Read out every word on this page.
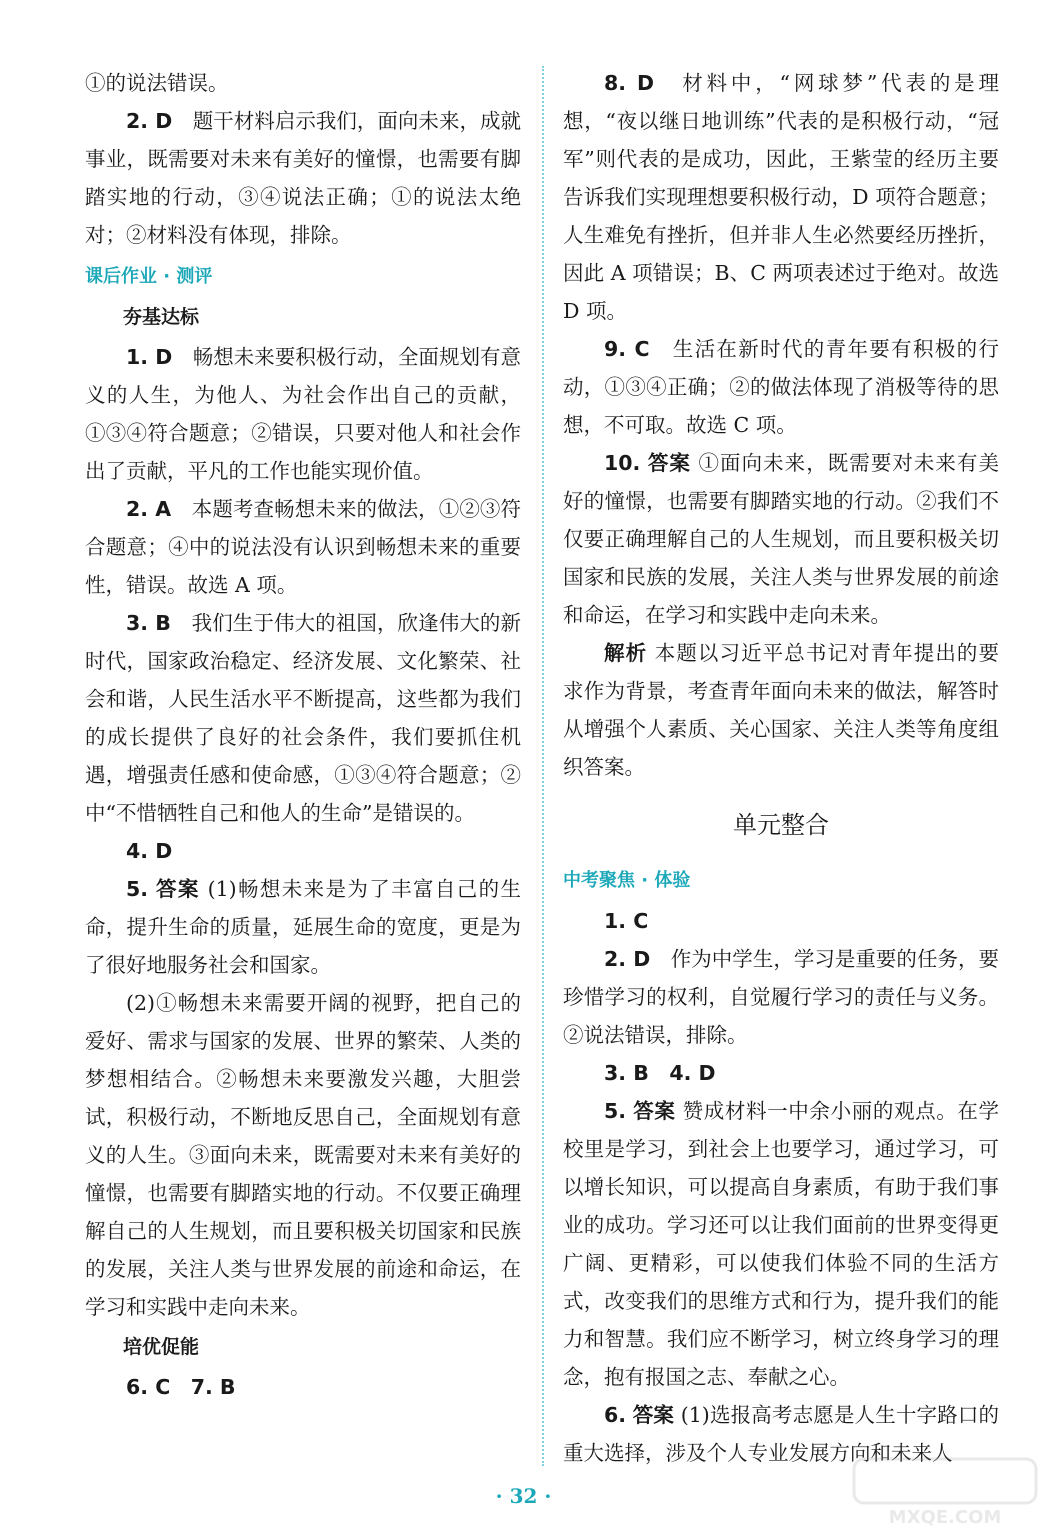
①的说法错误。

2. D　题干材料启示我们，面向未来，成就事业，既需要对未来有美好的憧憬，也需要有脚踏实地的行动，③④说法正确；①的说法太绝对；②材料没有体现，排除。

课后作业 · 测评

夯基达标

1. D　畅想未来要积极行动，全面规划有意义的人生，为他人、为社会作出自己的贡献，①③④符合题意；②错误，只要对他人和社会作出了贡献，平凡的工作也能实现价值。

2. A　本题考查畅想未来的做法，①②③符合题意；④中的说法没有认识到畅想未来的重要性，错误。故选 A 项。

3. B　我们生于伟大的祖国，欣逢伟大的新时代，国家政治稳定、经济发展、文化繁荣、社会和谐，人民生活水平不断提高，这些都为我们的成长提供了良好的社会条件，我们要抓住机遇，增强责任感和使命感，①③④符合题意；②中“不惜牺牲自己和他人的生命”是错误的。

4. D

5. 答案 (1)畅想未来是为了丰富自己的生命，提升生命的质量，延展生命的宽度，更是为了很好地服务社会和国家。

(2)①畅想未来需要开阔的视野，把自己的爱好、需求与国家的发展、世界的繁荣、人类的梦想相结合。②畅想未来要激发兴趣，大胆尝试，积极行动，不断地反思自己，全面规划有意义的人生。③面向未来，既需要对未来有美好的憧憬，也需要有脚踏实地的行动。不仅要正确理解自己的人生规划，而且要积极关切国家和民族的发展，关注人类与世界发展的前途和命运，在学习和实践中走向未来。

培优促能

6. C　7. B

8. D　材料中，“网球梦”代表的是理想，“夜以继日地训练”代表的是积极行动，“冠军”则代表的是成功，因此，王紫莹的经历主要告诉我们实现理想要积极行动，D 项符合题意；人生难免有挫折，但并非人生必然要经历挫折，因此 A 项错误；B、C 两项表述过于绝对。故选 D 项。

9. C　生活在新时代的青年要有积极的行动，①③④正确；②的做法体现了消极等待的思想，不可取。故选 C 项。

10. 答案 ①面向未来，既需要对未来有美好的憧憬，也需要有脚踏实地的行动。②我们不仅要正确理解自己的人生规划，而且要积极关切国家和民族的发展，关注人类与世界发展的前途和命运，在学习和实践中走向未来。

解析 本题以习近平总书记对青年提出的要求作为背景，考查青年面向未来的做法，解答时从增强个人素质、关心国家、关注人类等角度组织答案。

单元整合

中考聚焦 · 体验

1. C

2. D　作为中学生，学习是重要的任务，要珍惜学习的权利，自觉履行学习的责任与义务。②说法错误，排除。

3. B　4. D

5. 答案 赞成材料一中余小丽的观点。在学校里是学习，到社会上也要学习，通过学习，可以增长知识，可以提高自身素质，有助于我们事业的成功。学习还可以让我们面前的世界变得更广阔、更精彩，可以使我们体验不同的生活方式，改变我们的思维方式和行为，提升我们的能力和智慧。我们应不断学习，树立终身学习的理念，抱有报国之志、奉献之心。

6. 答案 (1)选报高考志愿是人生十字路口的重大选择，涉及个人专业发展方向和未来人

· 32 ·
MXQE.COM
